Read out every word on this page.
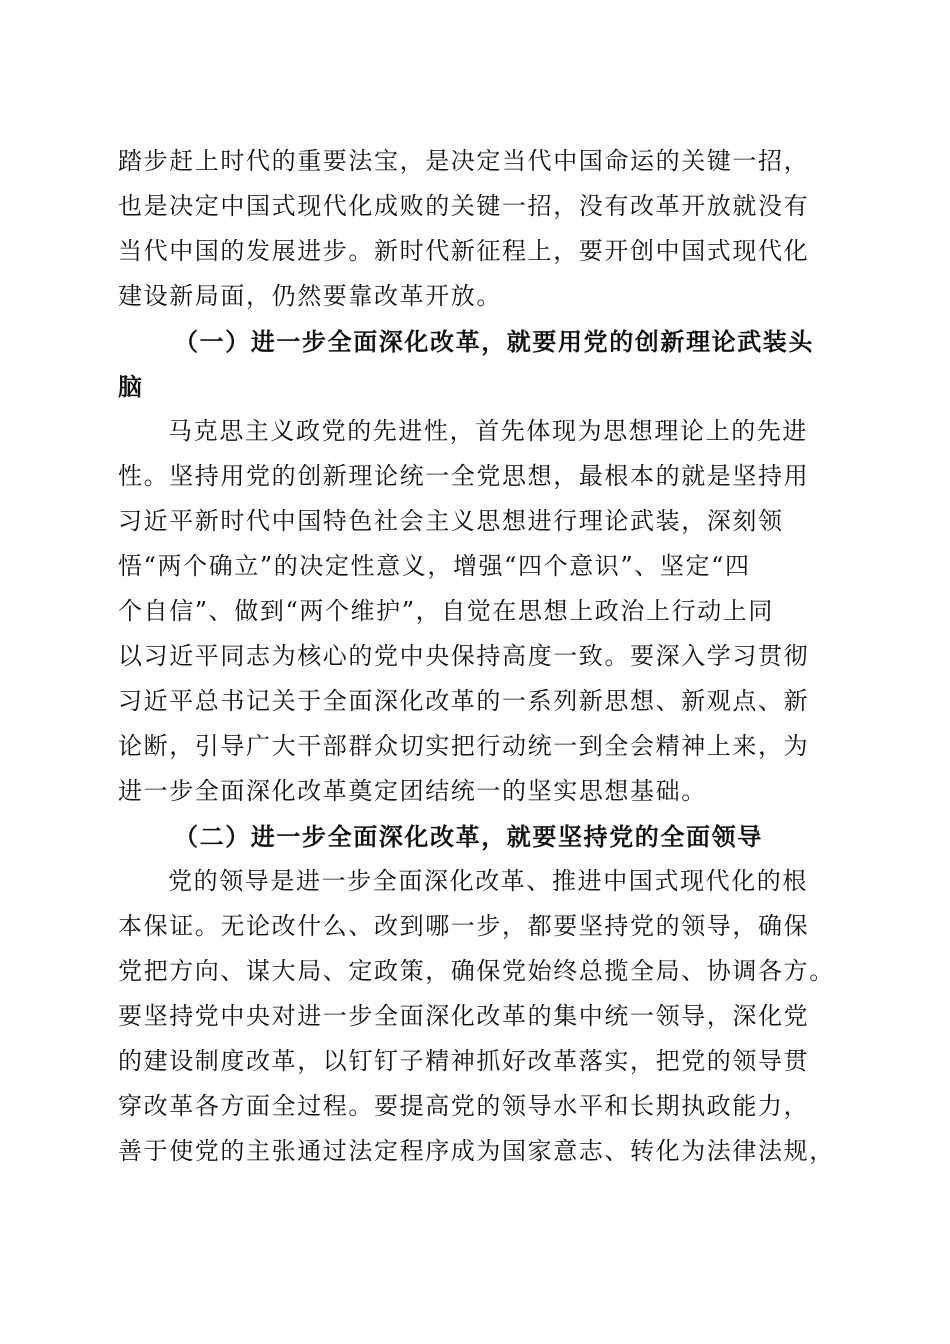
踏步赶上时代的重要法宝，是决定当代中国命运的关键一招，
也是决定中国式现代化成败的关键一招，没有改革开放就没有
当代中国的发展进步。新时代新征程上，要开创中国式现代化
建设新局面，仍然要靠改革开放。
（一）进一步全面深化改革，就要用党的创新理论武装头
脑
马克思主义政党的先进性，首先体现为思想理论上的先进
性。坚持用党的创新理论统一全党思想，最根本的就是坚持用
习近平新时代中国特色社会主义思想进行理论武装，深刻领
悟“两个确立”的决定性意义，增强“四个意识”、坚定“四
个自信”、做到“两个维护”，自觉在思想上政治上行动上同
以习近平同志为核心的党中央保持高度一致。要深入学习贯彻
习近平总书记关于全面深化改革的一系列新思想、新观点、新
论断，引导广大干部群众切实把行动统一到全会精神上来，为
进一步全面深化改革奠定团结统一的坚实思想基础。
（二）进一步全面深化改革，就要坚持党的全面领导
党的领导是进一步全面深化改革、推进中国式现代化的根
本保证。无论改什么、改到哪一步，都要坚持党的领导，确保
党把方向、谋大局、定政策，确保党始终总揽全局、协调各方。
要坚持党中央对进一步全面深化改革的集中统一领导，深化党
的建设制度改革，以钉钉子精神抓好改革落实，把党的领导贯
穿改革各方面全过程。要提高党的领导水平和长期执政能力，
善于使党的主张通过法定程序成为国家意志、转化为法律法规，
